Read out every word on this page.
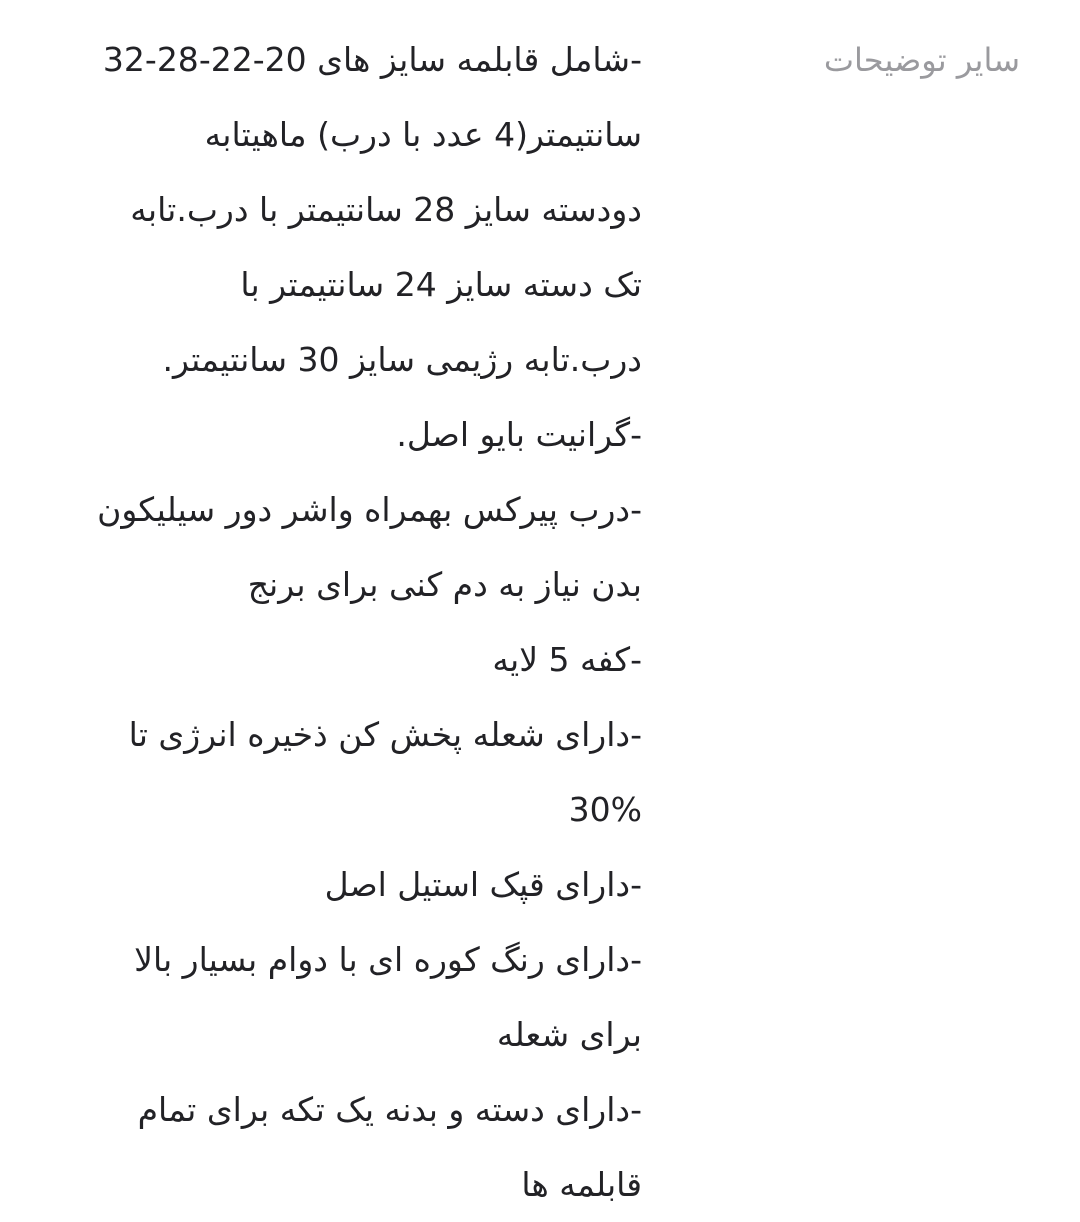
سایر توضیحات
-شامل قابلمه سایز های 20-22-28-32
سانتیمتر(4 عدد با درب) ماهیتابه
دودسته سایز 28 سانتیمتر با درب.تابه
تک دسته سایز 24 سانتیمتر با
درب.تابه رژیمی سایز 30 سانتیمتر.
-گرانیت بایو اصل.
-درب پیرکس بهمراه واشر دور سیلیکون
بدن نیاز به دم کنی برای برنج
-کفه 5 لایه
-دارای شعله پخش کن ذخیره انرژی تا
30%
-دارای قپک استیل اصل
-دارای رنگ کوره ای با دوام بسیار بالا
برای شعله
-دارای دسته و بدنه یک تکه برای تمام
قابلمه ها
